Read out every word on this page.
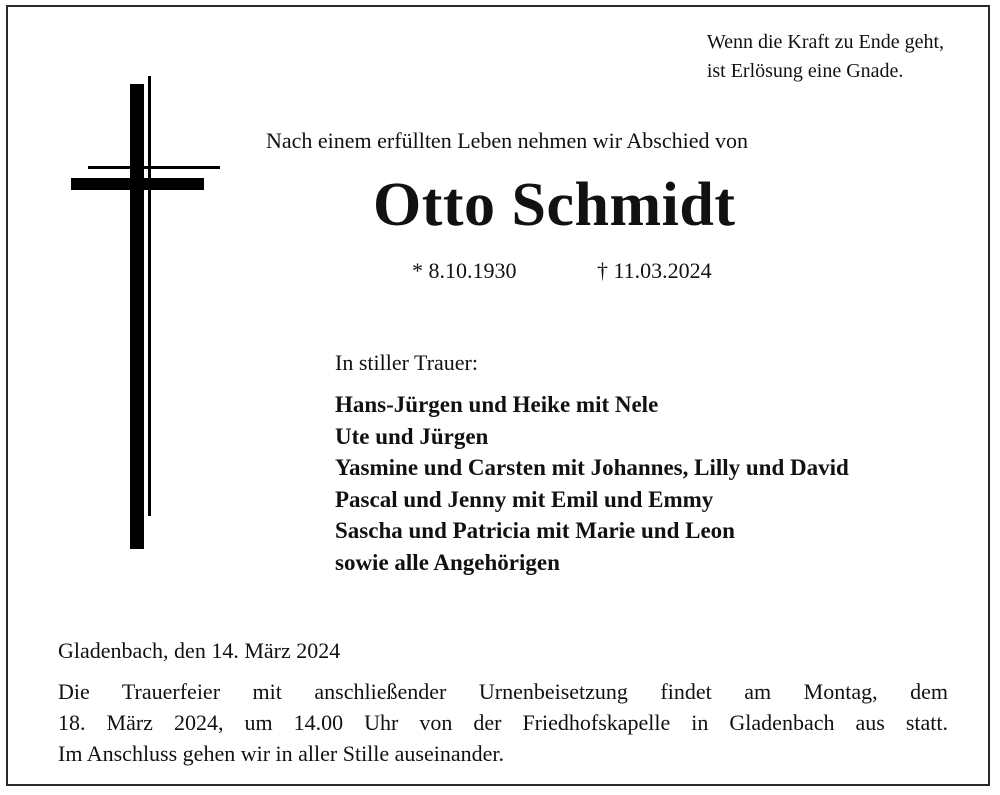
Wenn die Kraft zu Ende geht,
ist Erlösung eine Gnade.
Nach einem erfüllten Leben nehmen wir Abschied von
Otto Schmidt
* 8.10.1930	† 11.03.2024
In stiller Trauer:
Hans-Jürgen und Heike mit Nele
Ute und Jürgen
Yasmine und Carsten mit Johannes, Lilly und David
Pascal und Jenny mit Emil und Emmy
Sascha und Patricia mit Marie und Leon
sowie alle Angehörigen
Gladenbach, den 14. März 2024
Die Trauerfeier mit anschließender Urnenbeisetzung findet am Montag, dem
18. März 2024, um 14.00 Uhr von der Friedhofskapelle in Gladenbach aus statt.
Im Anschluss gehen wir in aller Stille auseinander.
